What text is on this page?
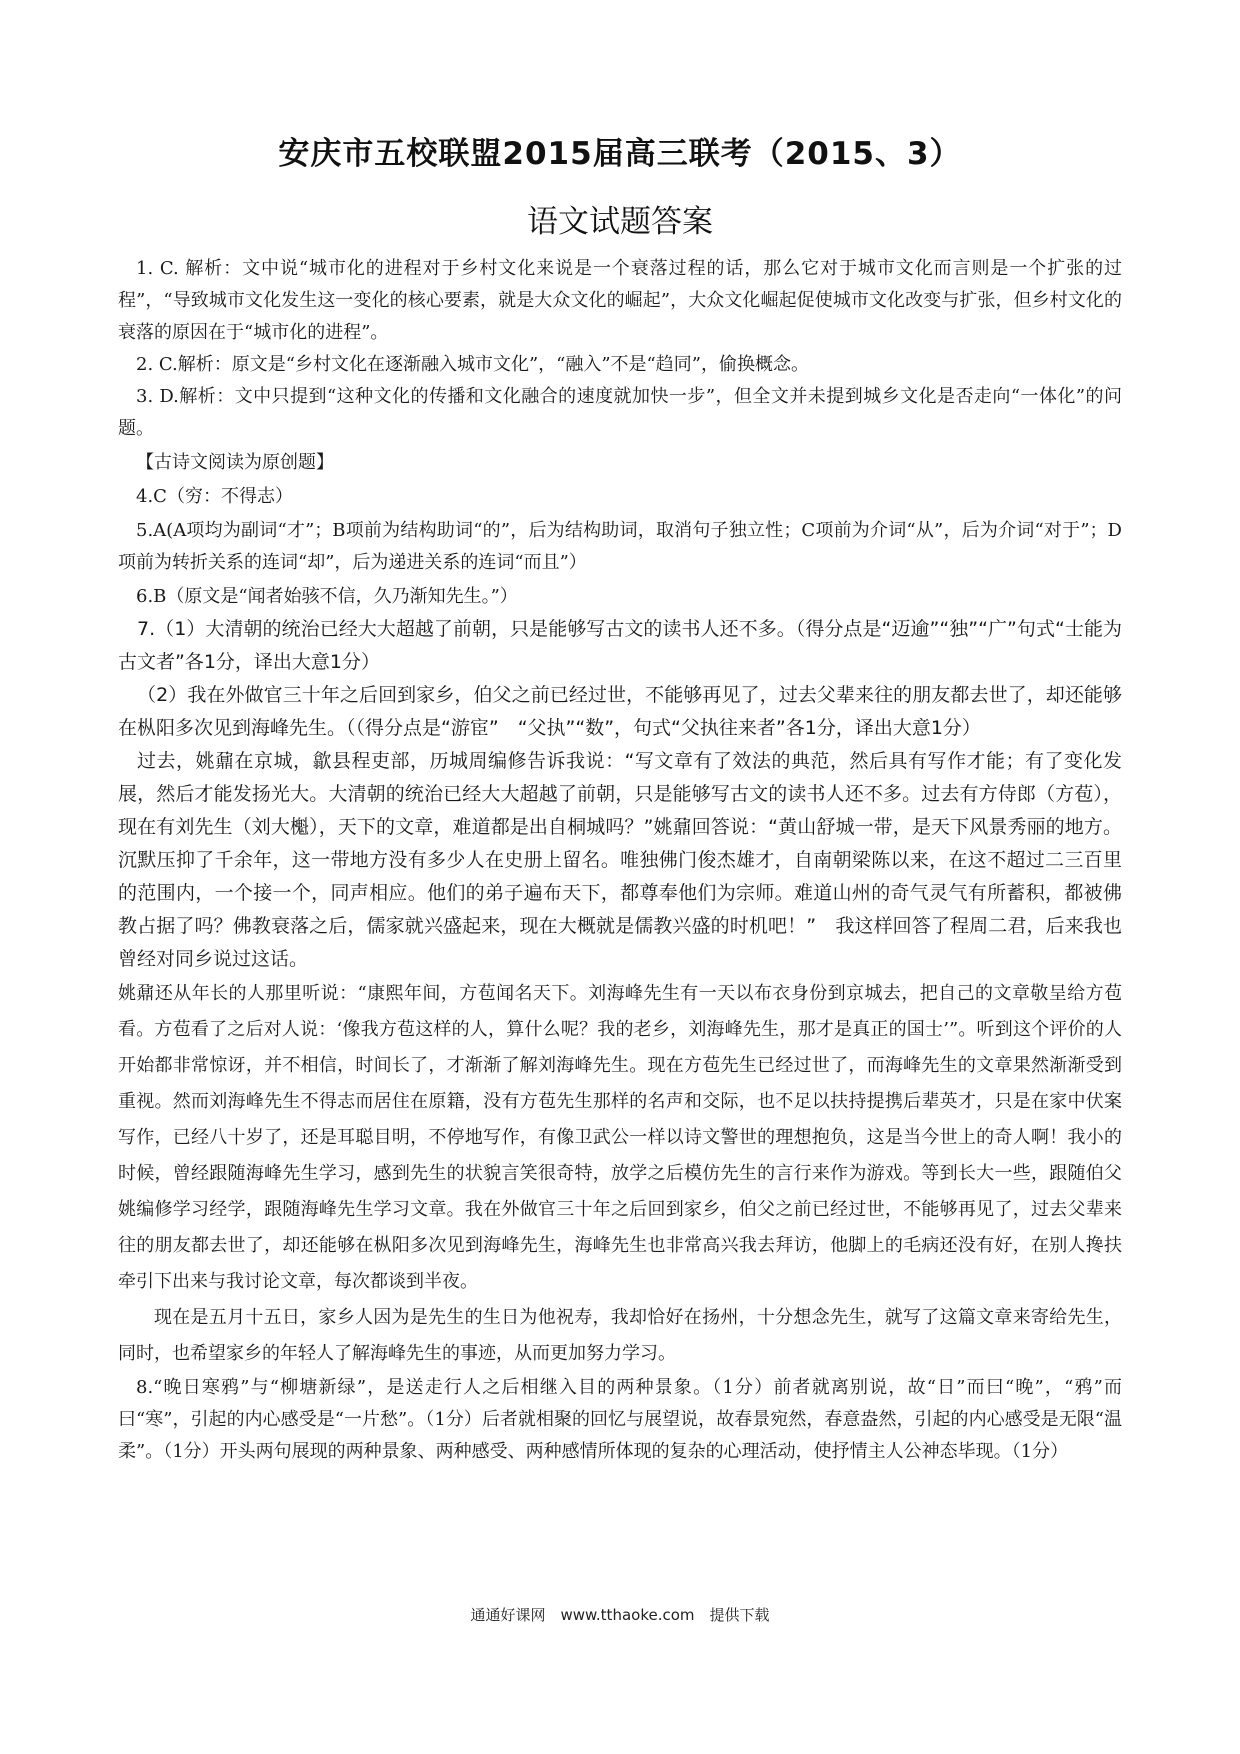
安庆市五校联盟2015届高三联考（2015、3）
语文试题答案

1. C. 解析：文中说“城市化的进程对于乡村文化来说是一个衰落过程的话，那么它对于城市文化而言则是一个扩张的过程”，“导致城市文化发生这一变化的核心要素，就是大众文化的崛起”，大众文化崛起促使城市文化改变与扩张，但乡村文化的衰落的原因在于“城市化的进程”。

2. C.解析：原文是“乡村文化在逐渐融入城市文化”，“融入”不是“趋同”，偷换概念。

3. D.解析：文中只提到“这种文化的传播和文化融合的速度就加快一步”，但全文并未提到城乡文化是否走向“一体化”的问题。

【古诗文阅读为原创题】

4.C（穷：不得志）

5.A(A项均为副词“才”；B项前为结构助词“的”，后为结构助词，取消句子独立性；C项前为介词“从”，后为介词“对于”；D项前为转折关系的连词“却”，后为递进关系的连词“而且”）

6.B（原文是“闻者始骇不信，久乃渐知先生。”）

7.（1）大清朝的统治已经大大超越了前朝，只是能够写古文的读书人还不多。（得分点是“迈逾”“独”“广”句式“士能为古文者”各1分，译出大意1分）

（2）我在外做官三十年之后回到家乡，伯父之前已经过世，不能够再见了，过去父辈来往的朋友都去世了，却还能够在枞阳多次见到海峰先生。（（得分点是“游宦”　“父执”“数”，句式“父执往来者”各1分，译出大意1分）

过去，姚鼐在京城，歙县程吏部，历城周编修告诉我说：“写文章有了效法的典范，然后具有写作才能；有了变化发展，然后才能发扬光大。大清朝的统治已经大大超越了前朝，只是能够写古文的读书人还不多。过去有方侍郎（方苞），现在有刘先生（刘大櫆），天下的文章，难道都是出自桐城吗？”姚鼐回答说：“黄山舒城一带，是天下风景秀丽的地方。沉默压抑了千余年，这一带地方没有多少人在史册上留名。唯独佛门俊杰雄才，自南朝梁陈以来，在这不超过二三百里的范围内，一个接一个，同声相应。他们的弟子遍布天下，都尊奉他们为宗师。难道山州的奇气灵气有所蓄积，都被佛教占据了吗？佛教衰落之后，儒家就兴盛起来，现在大概就是儒教兴盛的时机吧！”　我这样回答了程周二君，后来我也曾经对同乡说过这话。

姚鼐还从年长的人那里听说：“康熙年间，方苞闻名天下。刘海峰先生有一天以布衣身份到京城去，把自己的文章敬呈给方苞看。方苞看了之后对人说：‘像我方苞这样的人，算什么呢？我的老乡，刘海峰先生，那才是真正的国士’”。听到这个评价的人开始都非常惊讶，并不相信，时间长了，才渐渐了解刘海峰先生。现在方苞先生已经过世了，而海峰先生的文章果然渐渐受到重视。然而刘海峰先生不得志而居住在原籍，没有方苞先生那样的名声和交际，也不足以扶持提携后辈英才，只是在家中伏案写作，已经八十岁了，还是耳聪目明，不停地写作，有像卫武公一样以诗文警世的理想抱负，这是当今世上的奇人啊！我小的时候，曾经跟随海峰先生学习，感到先生的状貌言笑很奇特，放学之后模仿先生的言行来作为游戏。等到长大一些，跟随伯父姚编修学习经学，跟随海峰先生学习文章。我在外做官三十年之后回到家乡，伯父之前已经过世，不能够再见了，过去父辈来往的朋友都去世了，却还能够在枞阳多次见到海峰先生，海峰先生也非常高兴我去拜访，他脚上的毛病还没有好，在别人搀扶牵引下出来与我讨论文章，每次都谈到半夜。

现在是五月十五日，家乡人因为是先生的生日为他祝寿，我却恰好在扬州，十分想念先生，就写了这篇文章来寄给先生，同时，也希望家乡的年轻人了解海峰先生的事迹，从而更加努力学习。

8.“晚日寒鸦”与“柳塘新绿”，是送走行人之后相继入目的两种景象。（1分）前者就离别说，故“日”而曰“晚”，“鸦”而曰“寒”，引起的内心感受是“一片愁”。（1分）后者就相聚的回忆与展望说，故春景宛然，春意盎然，引起的内心感受是无限“温柔”。（1分）开头两句展现的两种景象、两种感受、两种感情所体现的复杂的心理活动，使抒情主人公神态毕现。（1分）

通通好课网　www.tthaoke.com　提供下载
